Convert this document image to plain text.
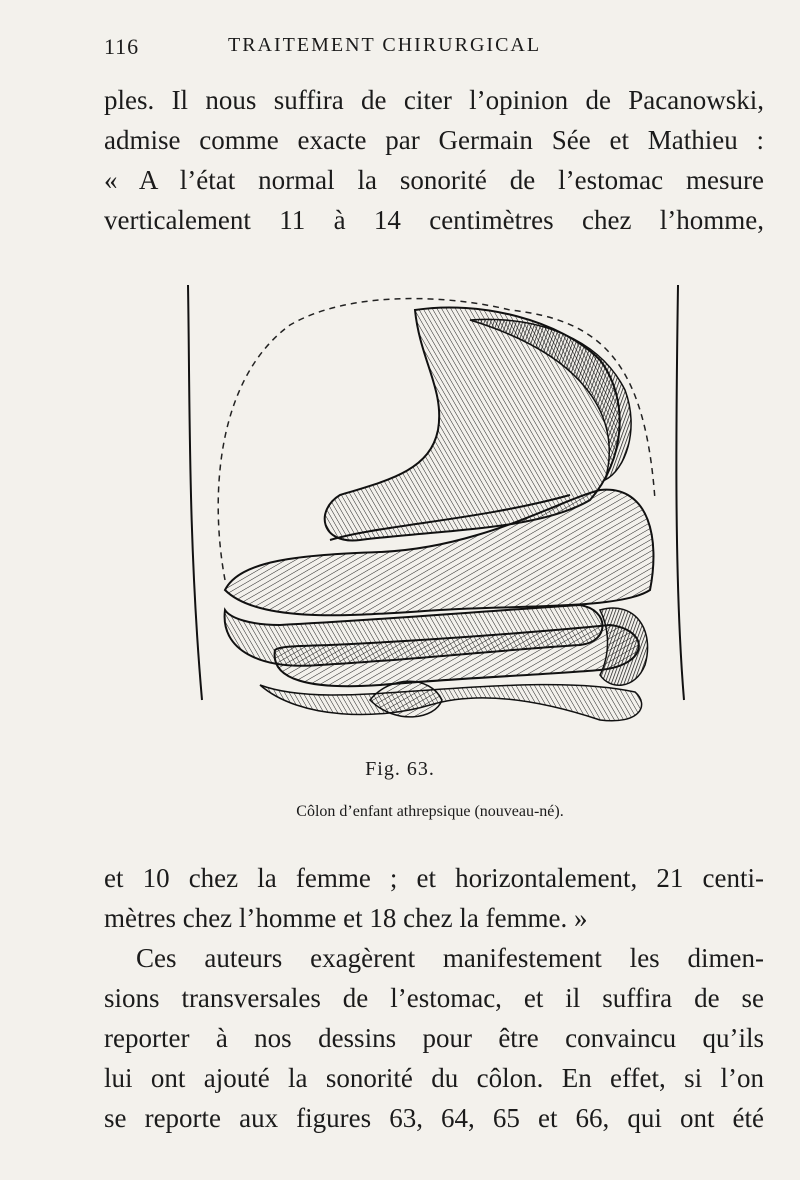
116	TRAITEMENT CHIRURGICAL
ples. Il nous suffira de citer l’opinion de Pacanowski,
admise comme exacte par Germain Sée et Mathieu :
« A l’état normal la sonorité de l’estomac mesure
verticalement 11 à 14 centimètres chez l’homme,
Fig. 63.
Côlon d’enfant athrepsique (nouveau-né).
et 10 chez la femme ; et horizontalement, 21 centi-
mètres chez l’homme et 18 chez la femme. »
Ces auteurs exagèrent manifestement les dimen-
sions transversales de l’estomac, et il suffira de se
reporter à nos dessins pour être convaincu qu’ils
lui ont ajouté la sonorité du côlon. En effet, si l’on
se reporte aux figures 63, 64, 65 et 66, qui ont été
